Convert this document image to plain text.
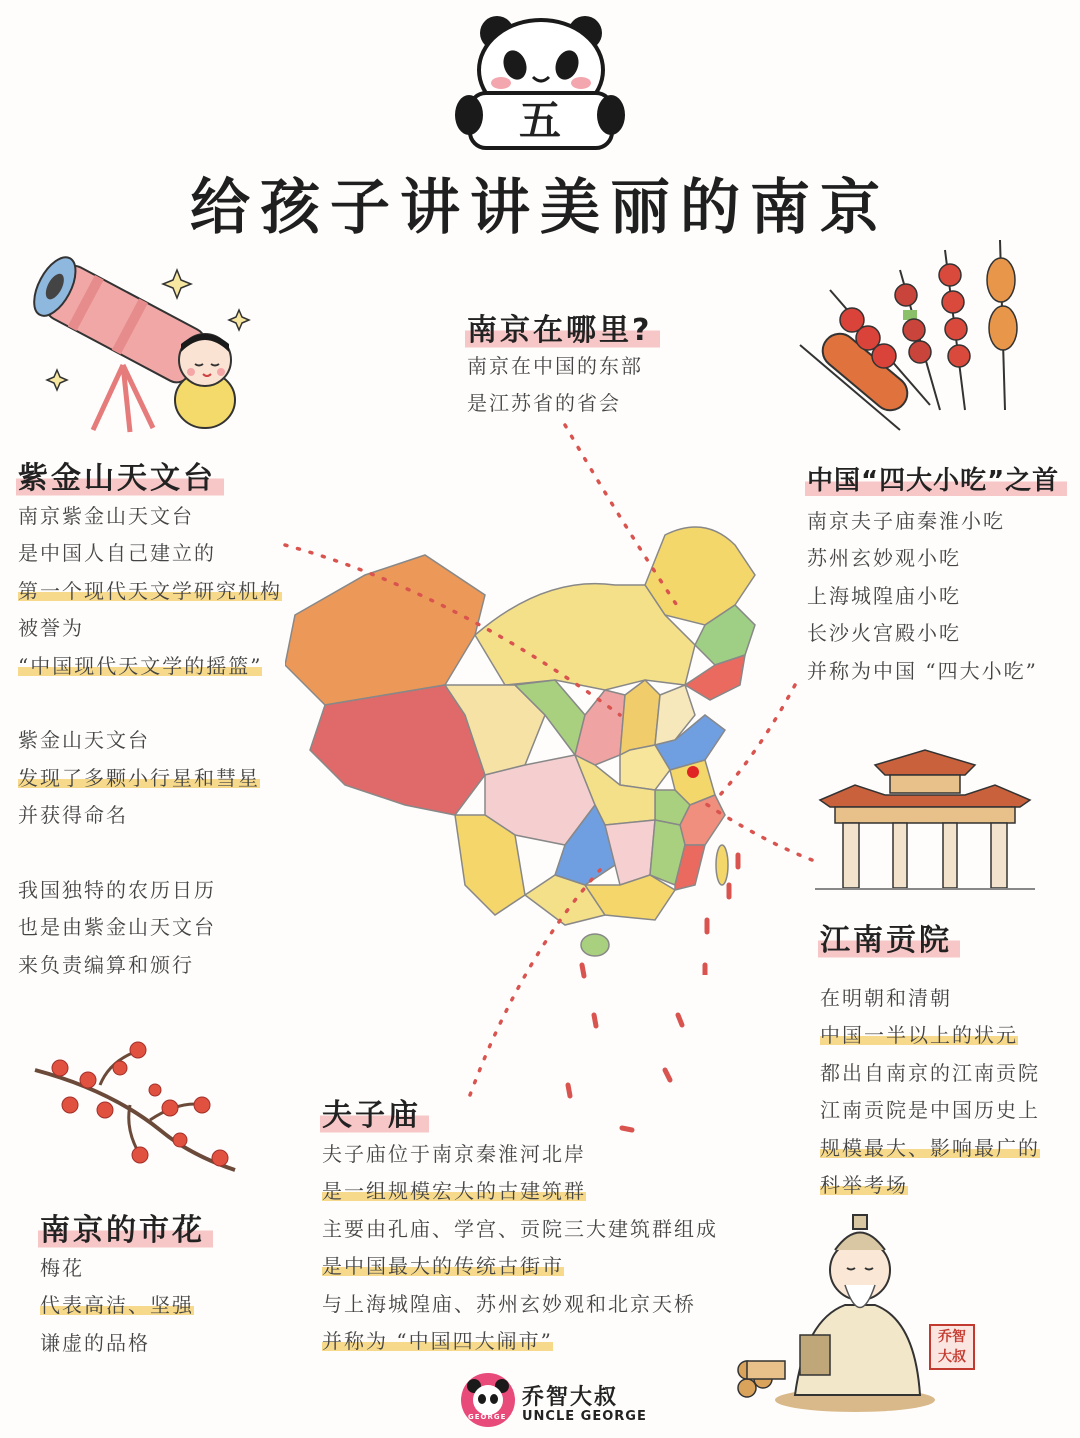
五
给孩子讲讲美丽的南京
乔智大叔
南京在哪里?
南京在中国的东部
是江苏省的省会
紫金山天文台
南京紫金山天文台
是中国人自己建立的
第一个现代天文学研究机构
被誉为
“中国现代天文学的摇篮”

紫金山天文台
发现了多颗小行星和彗星
并获得命名

我国独特的农历日历
也是由紫金山天文台
来负责编算和颁行
中国“四大小吃”之首
南京夫子庙秦淮小吃
苏州玄妙观小吃
上海城隍庙小吃
长沙火宫殿小吃
并称为中国 “四大小吃”
江南贡院
在明朝和清朝
中国一半以上的状元
都出自南京的江南贡院
江南贡院是中国历史上
规模最大、影响最广的
科举考场
夫子庙
夫子庙位于南京秦淮河北岸
是一组规模宏大的古建筑群
主要由孔庙、学宫、贡院三大建筑群组成
是中国最大的传统古街市
与上海城隍庙、苏州玄妙观和北京天桥
并称为 “中国四大闹市”
南京的市花
梅花
代表高洁、坚强
谦虚的品格
GEORGE
乔智大叔
UNCLE GEORGE
